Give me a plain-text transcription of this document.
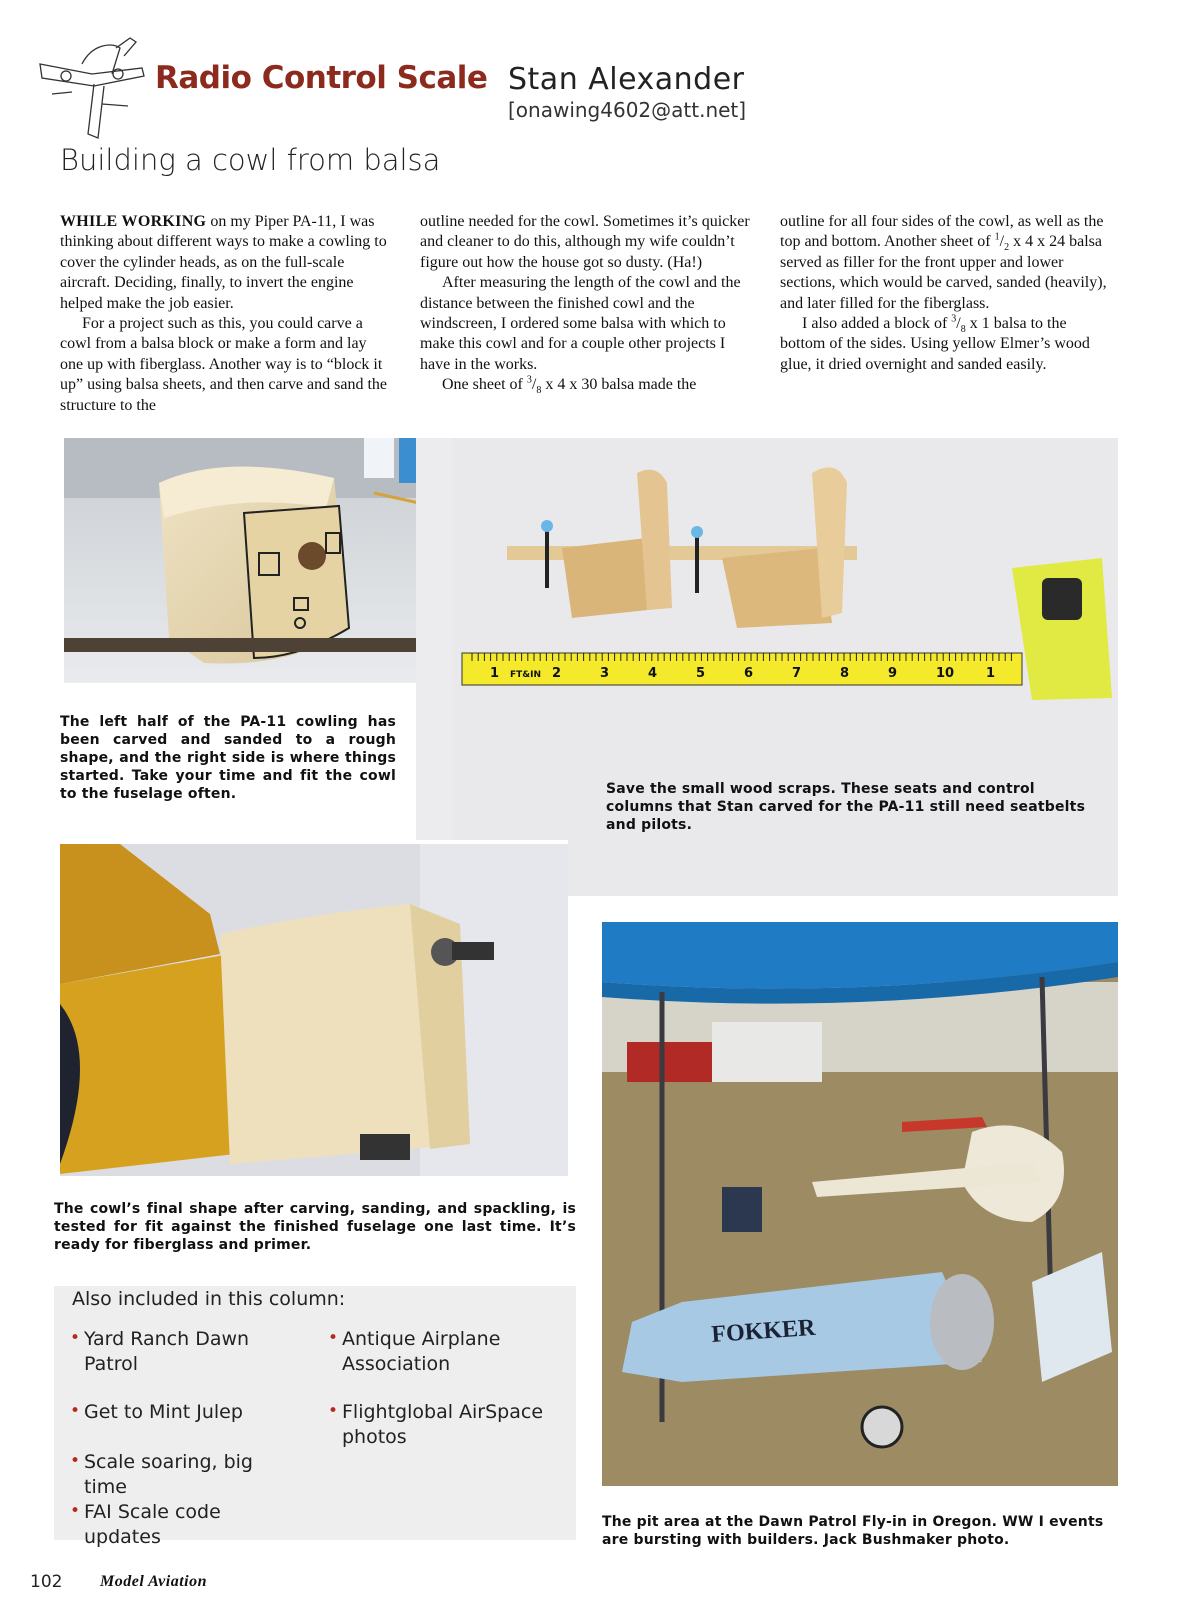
Radio Control Scale Stan Alexander
[onawing4602@att.net]
Building a cowl from balsa

WHILE WORKING on my Piper PA-11, I was thinking about different ways to make a cowling to cover the cylinder heads, as on the full-scale aircraft. Deciding, finally, to invert the engine helped make the job easier.

For a project such as this, you could carve a cowl from a balsa block or make a form and lay one up with fiberglass. Another way is to “block it up” using balsa sheets, and then carve and sand the structure to the

outline needed for the cowl. Sometimes it’s quicker and cleaner to do this, although my wife couldn’t figure out how the house got so dusty. (Ha!)

After measuring the length of the cowl and the distance between the finished cowl and the windscreen, I ordered some balsa with which to make this cowl and for a couple other projects I have in the works.

One sheet of $^3/_8$ x 4 x 30 balsa made the

outline for all four sides of the cowl, as well as the top and bottom. Another sheet of $^1/_2$ x 4 x 24 balsa served as filler for the front upper and lower sections, which would be carved, sanded (heavily), and later filled for the fiberglass.

I also added a block of $^3/_8$ x 1 balsa to the bottom of the sides. Using yellow Elmer’s wood glue, it dried overnight and sanded easily.

1 FT&IN 2	3	4	5	6	7	8	9	10 1
FOKKER
The left half of the PA-11 cowling has been carved and sanded to a rough shape, and the right side is where things started. Take your time and fit the cowl to the fuselage often.	Save the small wood scraps. These seats and control columns that Stan carved for the PA-11 still need seatbelts and pilots.
The cowl’s final shape after carving, sanding, and spackling, is tested for fit against the finished fuselage one last time. It’s ready for fiberglass and primer.
The pit area at the Dawn Patrol Fly-in in Oregon. WW I events are bursting with builders. Jack Bushmaker photo.
Also included in this column:
• Yard Ranch Dawn Patrol
• Get to Mint Julep
• Scale soaring, big time
• FAI Scale code updates
• Antique Airplane Association
• Flightglobal AirSpace photos
102 Model Aviation
